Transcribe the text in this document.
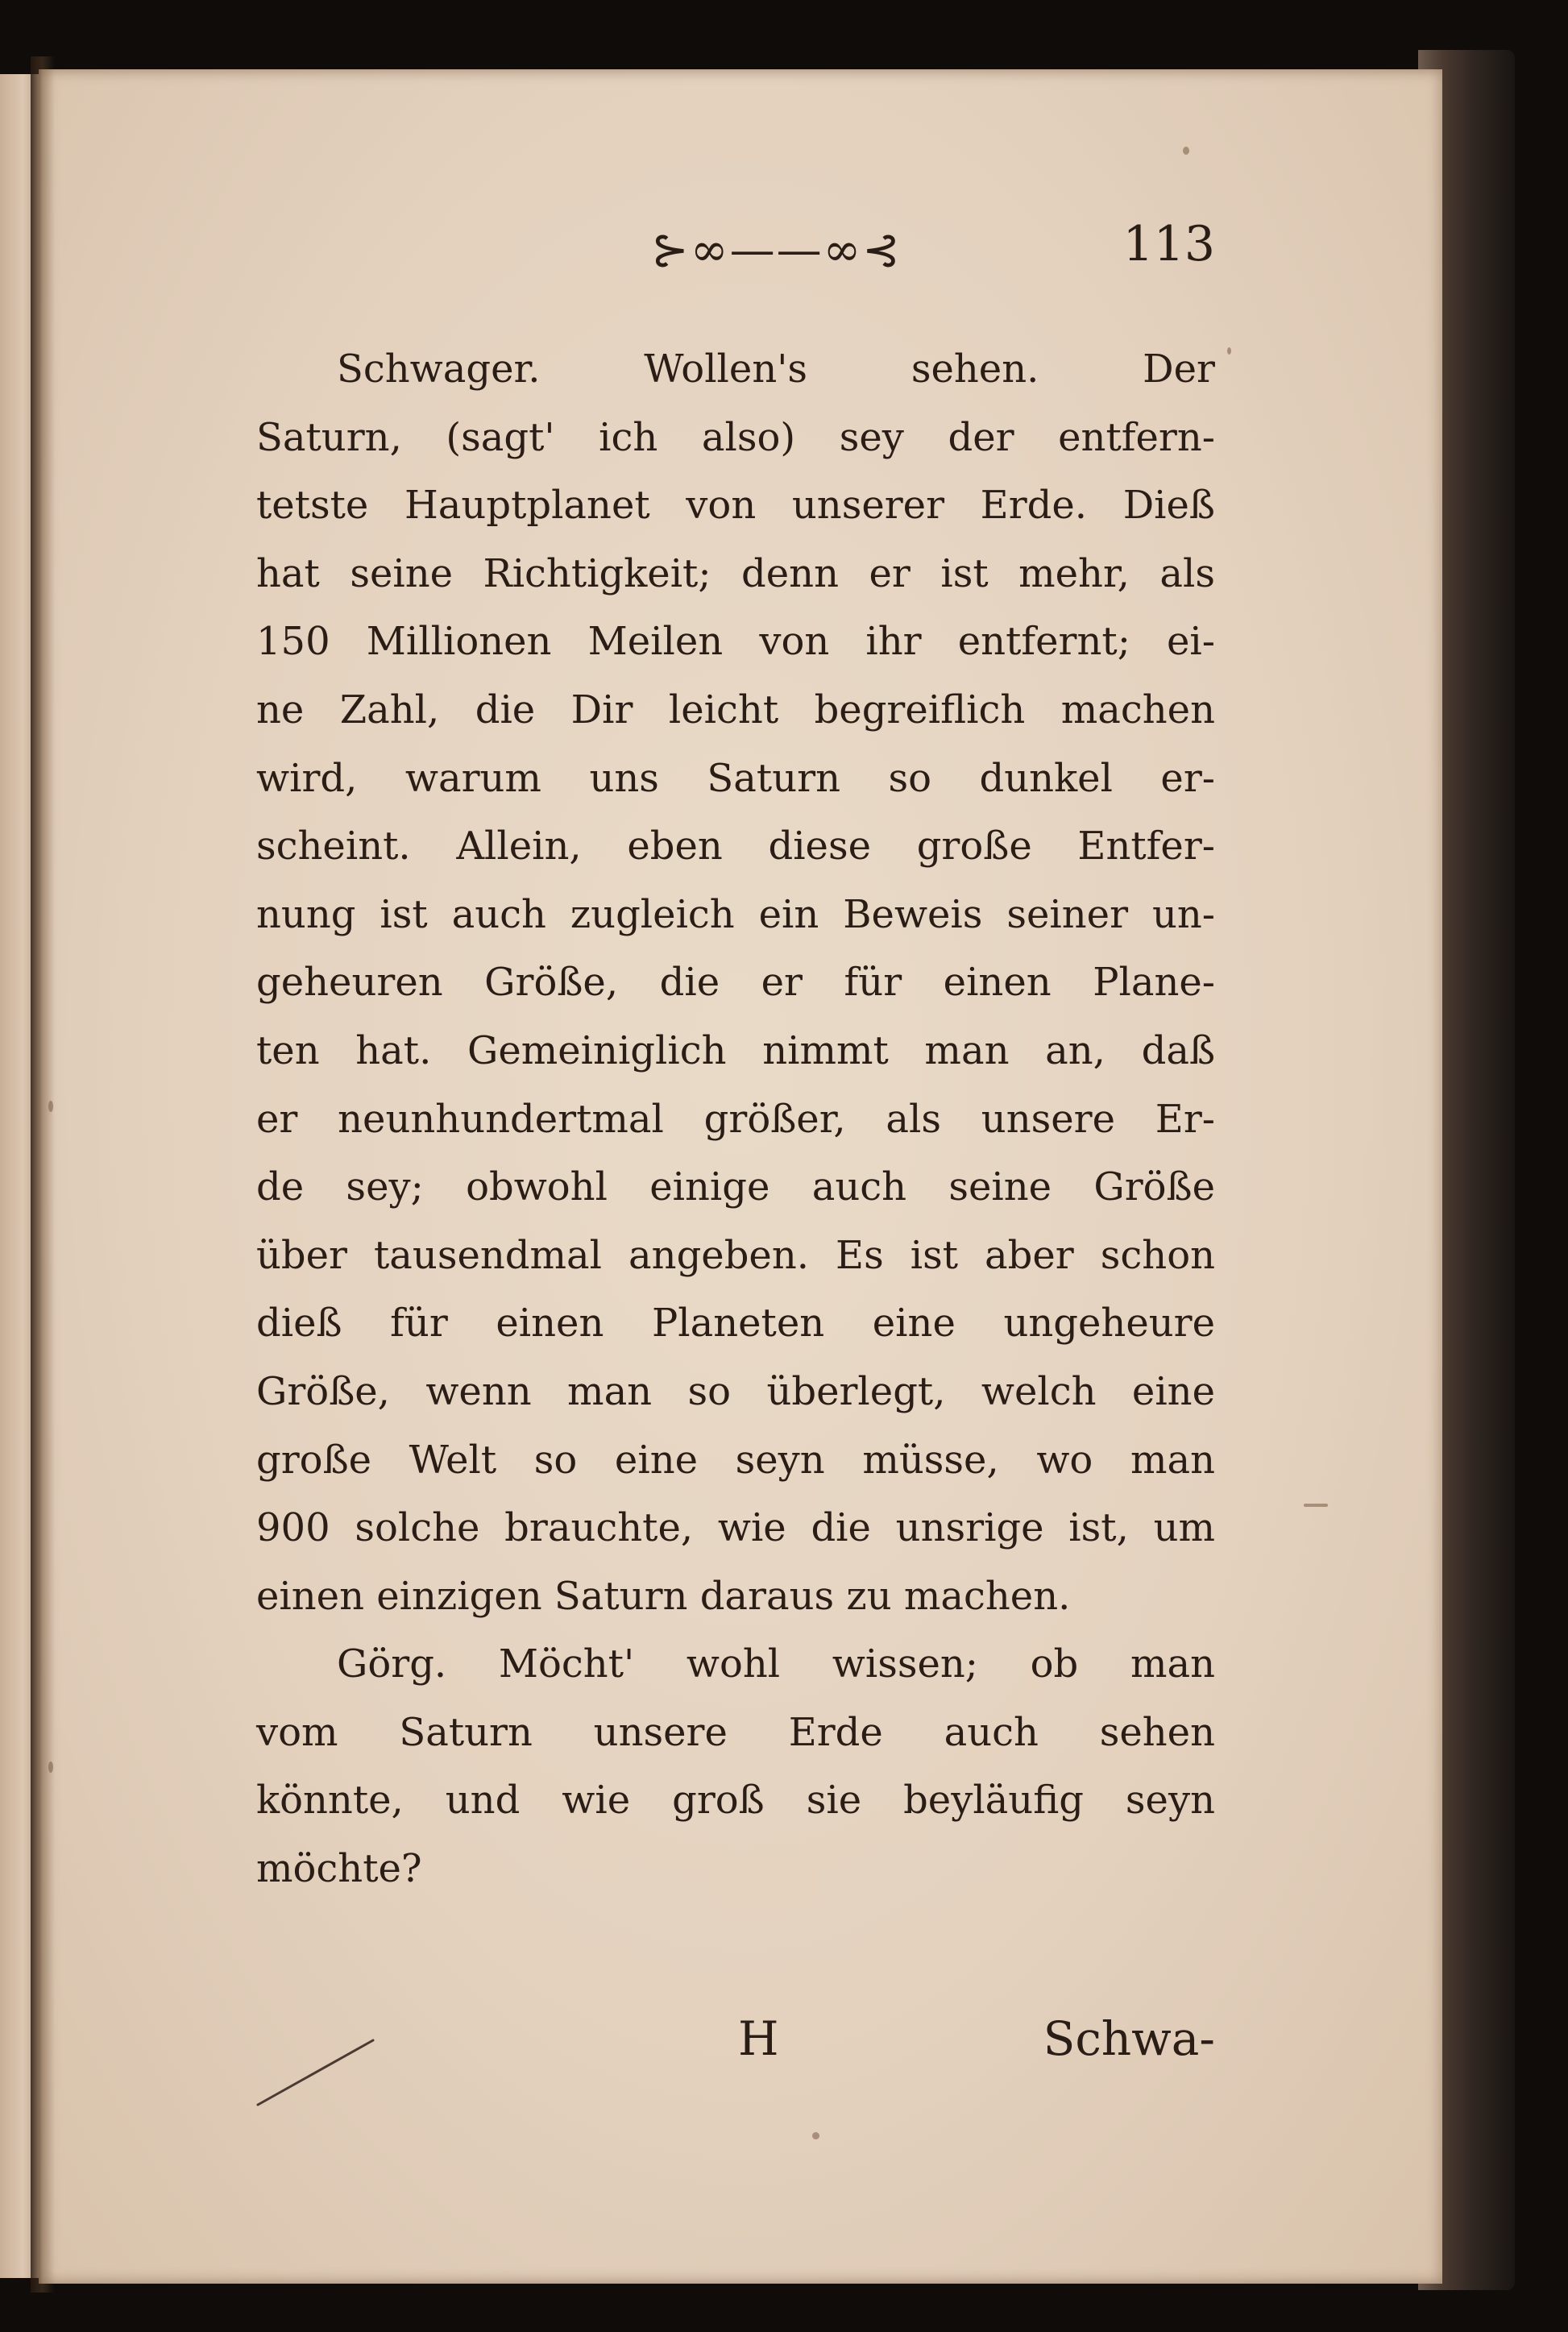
⊱∞——∞⊰	113
Schwager. Wollen's sehen. Der
Saturn, (sagt' ich also) sey der entfern-
tetste Hauptplanet von unserer Erde. Dieß
hat seine Richtigkeit; denn er ist mehr, als
150 Millionen Meilen von ihr entfernt; ei-
ne Zahl, die Dir leicht begreiflich machen
wird, warum uns Saturn so dunkel er-
scheint. Allein, eben diese große Entfer-
nung ist auch zugleich ein Beweis seiner un-
geheuren Größe, die er für einen Plane-
ten hat. Gemeiniglich nimmt man an, daß
er neunhundertmal größer, als unsere Er-
de sey; obwohl einige auch seine Größe
über tausendmal angeben. Es ist aber schon
dieß für einen Planeten eine ungeheure
Größe, wenn man so überlegt, welch eine
große Welt so eine seyn müsse, wo man
900 solche brauchte, wie die unsrige ist, um
einen einzigen Saturn daraus zu machen.
Görg. Möcht' wohl wissen; ob man
vom Saturn unsere Erde auch sehen
könnte, und wie groß sie beyläufig seyn
möchte?
H	Schwa-
